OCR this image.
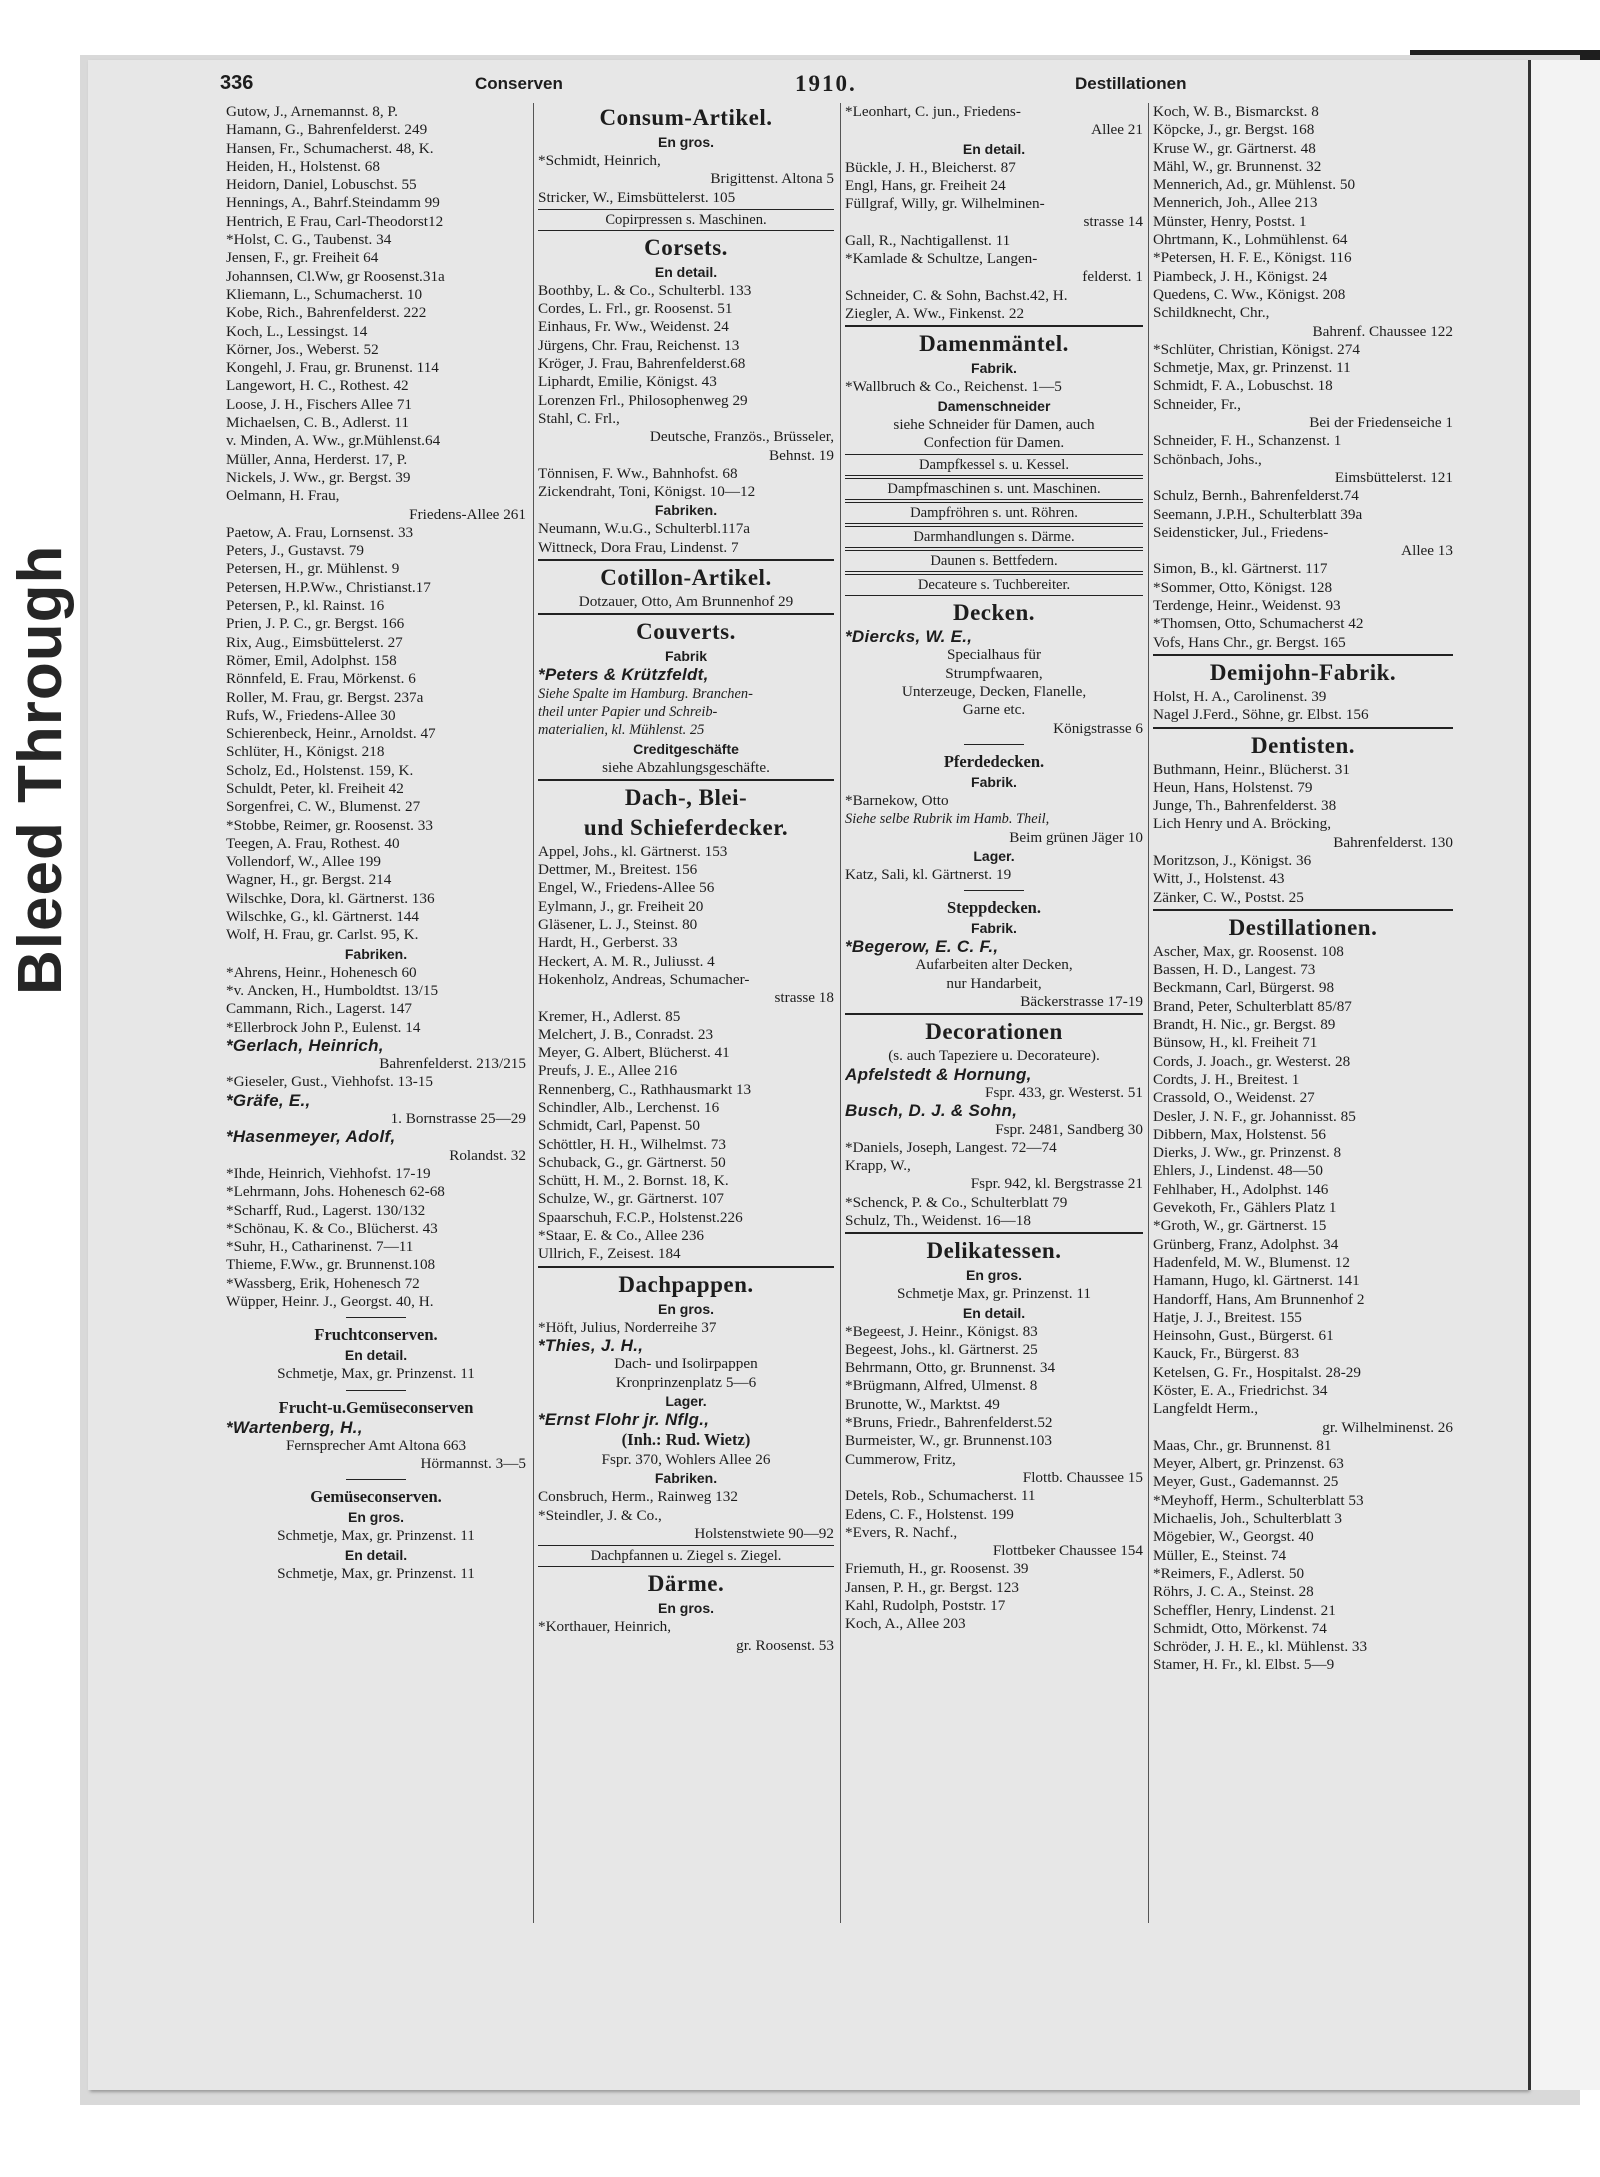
Bleed Through
336	Conserven	1910.	Destillationen
Gutow, J., Arnemannst. 8, P.
Hamann, G., Bahrenfelderst. 249
Hansen, Fr., Schumacherst. 48, K.
Heiden, H., Holstenst. 68
Heidorn, Daniel, Lobuschst. 55
Hennings, A., Bahrf.Steindamm 99
Hentrich, E Frau, Carl-Theodorst12
*Holst, C. G., Taubenst. 34
Jensen, F., gr. Freiheit 64
Johannsen, Cl.Ww, gr Roosenst.31a
Kliemann, L., Schumacherst. 10
Kobe, Rich., Bahrenfelderst. 222
Koch, L., Lessingst. 14
Körner, Jos., Weberst. 52
Kongehl, J. Frau, gr. Brunenst. 114
Langewort, H. C., Rothest. 42
Loose, J. H., Fischers Allee 71
Michaelsen, C. B., Adlerst. 11
v. Minden, A. Ww., gr.Mühlenst.64
Müller, Anna, Herderst. 17, P.
Nickels, J. Ww., gr. Bergst. 39
Oelmann, H. Frau,
Friedens-Allee 261
Paetow, A. Frau, Lornsenst. 33
Peters, J., Gustavst. 79
Petersen, H., gr. Mühlenst. 9
Petersen, H.P.Ww., Christianst.17
Petersen, P., kl. Rainst. 16
Prien, J. P. C., gr. Bergst. 166
Rix, Aug., Eimsbüttelerst. 27
Römer, Emil, Adolphst. 158
Rönnfeld, E. Frau, Mörkenst. 6
Roller, M. Frau, gr. Bergst. 237a
Rufs, W., Friedens-Allee 30
Schierenbeck, Heinr., Arnoldst. 47
Schlüter, H., Königst. 218
Scholz, Ed., Holstenst. 159, K.
Schuldt, Peter, kl. Freiheit 42
Sorgenfrei, C. W., Blumenst. 27
*Stobbe, Reimer, gr. Roosenst. 33
Teegen, A. Frau, Rothest. 40
Vollendorf, W., Allee 199
Wagner, H., gr. Bergst. 214
Wilschke, Dora, kl. Gärtnerst. 136
Wilschke, G., kl. Gärtnerst. 144
Wolf, H. Frau, gr. Carlst. 95, K.
Fabriken.
*Ahrens, Heinr., Hohenesch 60
*v. Ancken, H., Humboldtst. 13/15
Cammann, Rich., Lagerst. 147
*Ellerbrock John P., Eulenst. 14
*Gerlach, Heinrich,
Bahrenfelderst. 213/215
*Gieseler, Gust., Viehhofst. 13-15
*Gräfe, E.,
1. Bornstrasse 25—29
*Hasenmeyer, Adolf,
Rolandst. 32
*Ihde, Heinrich, Viehhofst. 17-19
*Lehrmann, Johs. Hohenesch 62-68
*Scharff, Rud., Lagerst. 130/132
*Schönau, K. & Co., Blücherst. 43
*Suhr, H., Catharinenst. 7—11
Thieme, F.Ww., gr. Brunnenst.108
*Wassberg, Erik, Hohenesch 72
Wüpper, Heinr. J., Georgst. 40, H.
Fruchtconserven.
En detail.
Schmetje, Max, gr. Prinzenst. 11
Frucht-u.Gemüseconserven
*Wartenberg, H.,
Fernsprecher Amt Altona 663
Hörmannst. 3—5
Gemüseconserven.
En gros.
Schmetje, Max, gr. Prinzenst. 11
En detail.
Schmetje, Max, gr. Prinzenst. 11
Consum-Artikel.
En gros.
*Schmidt, Heinrich,
Brigittenst. Altona 5
Stricker, W., Eimsbüttelerst. 105
Copirpressen s. Maschinen.
Corsets.
En detail.
Boothby, L. & Co., Schulterbl. 133
Cordes, L. Frl., gr. Roosenst. 51
Einhaus, Fr. Ww., Weidenst. 24
Jürgens, Chr. Frau, Reichenst. 13
Kröger, J. Frau, Bahrenfelderst.68
Liphardt, Emilie, Königst. 43
Lorenzen Frl., Philosophenweg 29
Stahl, C. Frl.,
Deutsche, Französ., Brüsseler,
Behnst. 19
Tönnisen, F. Ww., Bahnhofst. 68
Zickendraht, Toni, Königst. 10—12
Fabriken.
Neumann, W.u.G., Schulterbl.117a
Wittneck, Dora Frau, Lindenst. 7
Cotillon-Artikel.
Dotzauer, Otto, Am Brunnenhof 29
Couverts.
Fabrik
*Peters & Krützfeldt,
Siehe Spalte im Hamburg. Branchen-
theil unter Papier und Schreib-
materialien, kl. Mühlenst. 25
Creditgeschäfte
siehe Abzahlungsgeschäfte.
Dach-, Blei-
und Schieferdecker.
Appel, Johs., kl. Gärtnerst. 153
Dettmer, M., Breitest. 156
Engel, W., Friedens-Allee 56
Eylmann, J., gr. Freiheit 20
Gläsener, L. J., Steinst. 80
Hardt, H., Gerberst. 33
Heckert, A. M. R., Juliusst. 4
Hokenholz, Andreas, Schumacher-
strasse 18
Kremer, H., Adlerst. 85
Melchert, J. B., Conradst. 23
Meyer, G. Albert, Blücherst. 41
Preufs, J. E., Allee 216
Rennenberg, C., Rathhausmarkt 13
Schindler, Alb., Lerchenst. 16
Schmidt, Carl, Papenst. 50
Schöttler, H. H., Wilhelmst. 73
Schuback, G., gr. Gärtnerst. 50
Schütt, H. M., 2. Bornst. 18, K.
Schulze, W., gr. Gärtnerst. 107
Spaarschuh, F.C.P., Holstenst.226
*Staar, E. & Co., Allee 236
Ullrich, F., Zeisest. 184
Dachpappen.
En gros.
*Höft, Julius, Norderreihe 37
*Thies, J. H.,
Dach- und Isolirpappen
Kronprinzenplatz 5—6
Lager.
*Ernst Flohr jr. Nflg.,
(Inh.: Rud. Wietz)
Fspr. 370, Wohlers Allee 26
Fabriken.
Consbruch, Herm., Rainweg 132
*Steindler, J. & Co.,
Holstenstwiete 90—92
Dachpfannen u. Ziegel s. Ziegel.
Därme.
En gros.
*Korthauer, Heinrich,
gr. Roosenst. 53
*Leonhart, C. jun., Friedens-
Allee 21
En detail.
Bückle, J. H., Bleicherst. 87
Engl, Hans, gr. Freiheit 24
Füllgraf, Willy, gr. Wilhelminen-
strasse 14
Gall, R., Nachtigallenst. 11
*Kamlade & Schultze, Langen-
felderst. 1
Schneider, C. & Sohn, Bachst.42, H.
Ziegler, A. Ww., Finkenst. 22
Damenmäntel.
Fabrik.
*Wallbruch & Co., Reichenst. 1—5
Damenschneider
siehe Schneider für Damen, auch
Confection für Damen.
Dampfkessel s. u. Kessel.
Dampfmaschinen s. unt. Maschinen.
Dampfröhren s. unt. Röhren.
Darmhandlungen s. Därme.
Daunen s. Bettfedern.
Decateure s. Tuchbereiter.
Decken.
*Diercks, W. E.,
Specialhaus für
Strumpfwaaren,
Unterzeuge, Decken, Flanelle,
Garne etc.
Königstrasse 6
Pferdedecken.
Fabrik.
*Barnekow, Otto
Siehe selbe Rubrik im Hamb. Theil,
Beim grünen Jäger 10
Lager.
Katz, Sali, kl. Gärtnerst. 19
Steppdecken.
Fabrik.
*Begerow, E. C. F.,
Aufarbeiten alter Decken,
nur Handarbeit,
Bäckerstrasse 17-19
Decorationen
(s. auch Tapeziere u. Decorateure).
Apfelstedt & Hornung,
Fspr. 433, gr. Westerst. 51
Busch, D. J. & Sohn,
Fspr. 2481, Sandberg 30
*Daniels, Joseph, Langest. 72—74
Krapp, W.,
Fspr. 942, kl. Bergstrasse 21
*Schenck, P. & Co., Schulterblatt 79
Schulz, Th., Weidenst. 16—18
Delikatessen.
En gros.
Schmetje Max, gr. Prinzenst. 11
En detail.
*Begeest, J. Heinr., Königst. 83
Begeest, Johs., kl. Gärtnerst. 25
Behrmann, Otto, gr. Brunnenst. 34
*Brügmann, Alfred, Ulmenst. 8
Brunotte, W., Marktst. 49
*Bruns, Friedr., Bahrenfelderst.52
Burmeister, W., gr. Brunnenst.103
Cummerow, Fritz,
Flottb. Chaussee 15
Detels, Rob., Schumacherst. 11
Edens, C. F., Holstenst. 199
*Evers, R. Nachf.,
Flottbeker Chaussee 154
Friemuth, H., gr. Roosenst. 39
Jansen, P. H., gr. Bergst. 123
Kahl, Rudolph, Poststr. 17
Koch, A., Allee 203
Koch, W. B., Bismarckst. 8
Köpcke, J., gr. Bergst. 168
Kruse W., gr. Gärtnerst. 48
Mähl, W., gr. Brunnenst. 32
Mennerich, Ad., gr. Mühlenst. 50
Mennerich, Joh., Allee 213
Münster, Henry, Postst. 1
Ohrtmann, K., Lohmühlenst. 64
*Petersen, H. F. E., Königst. 116
Piambeck, J. H., Königst. 24
Quedens, C. Ww., Königst. 208
Schildknecht, Chr.,
Bahrenf. Chaussee 122
*Schlüter, Christian, Königst. 274
Schmetje, Max, gr. Prinzenst. 11
Schmidt, F. A., Lobuschst. 18
Schneider, Fr.,
Bei der Friedenseiche 1
Schneider, F. H., Schanzenst. 1
Schönbach, Johs.,
Eimsbüttelerst. 121
Schulz, Bernh., Bahrenfelderst.74
Seemann, J.P.H., Schulterblatt 39a
Seidensticker, Jul., Friedens-
Allee 13
Simon, B., kl. Gärtnerst. 117
*Sommer, Otto, Königst. 128
Terdenge, Heinr., Weidenst. 93
*Thomsen, Otto, Schumacherst 42
Vofs, Hans Chr., gr. Bergst. 165
Demijohn-Fabrik.
Holst, H. A., Carolinenst. 39
Nagel J.Ferd., Söhne, gr. Elbst. 156
Dentisten.
Buthmann, Heinr., Blücherst. 31
Heun, Hans, Holstenst. 79
Junge, Th., Bahrenfelderst. 38
Lich Henry und A. Bröcking,
Bahrenfelderst. 130
Moritzson, J., Königst. 36
Witt, J., Holstenst. 43
Zänker, C. W., Postst. 25
Destillationen.
Ascher, Max, gr. Roosenst. 108
Bassen, H. D., Langest. 73
Beckmann, Carl, Bürgerst. 98
Brand, Peter, Schulterblatt 85/87
Brandt, H. Nic., gr. Bergst. 89
Bünsow, H., kl. Freiheit 71
Cords, J. Joach., gr. Westerst. 28
Cordts, J. H., Breitest. 1
Crassold, O., Weidenst. 27
Desler, J. N. F., gr. Johannisst. 85
Dibbern, Max, Holstenst. 56
Dierks, J. Ww., gr. Prinzenst. 8
Ehlers, J., Lindenst. 48—50
Fehlhaber, H., Adolphst. 146
Gevekoth, Fr., Gählers Platz 1
*Groth, W., gr. Gärtnerst. 15
Grünberg, Franz, Adolphst. 34
Hadenfeld, M. W., Blumenst. 12
Hamann, Hugo, kl. Gärtnerst. 141
Handorff, Hans, Am Brunnenhof 2
Hatje, J. J., Breitest. 155
Heinsohn, Gust., Bürgerst. 61
Kauck, Fr., Bürgerst. 83
Ketelsen, G. Fr., Hospitalst. 28-29
Köster, E. A., Friedrichst. 34
Langfeldt Herm.,
gr. Wilhelminenst. 26
Maas, Chr., gr. Brunnenst. 81
Meyer, Albert, gr. Prinzenst. 63
Meyer, Gust., Gademannst. 25
*Meyhoff, Herm., Schulterblatt 53
Michaelis, Joh., Schulterblatt 3
Mögebier, W., Georgst. 40
Müller, E., Steinst. 74
*Reimers, F., Adlerst. 50
Röhrs, J. C. A., Steinst. 28
Scheffler, Henry, Lindenst. 21
Schmidt, Otto, Mörkenst. 74
Schröder, J. H. E., kl. Mühlenst. 33
Stamer, H. Fr., kl. Elbst. 5—9
